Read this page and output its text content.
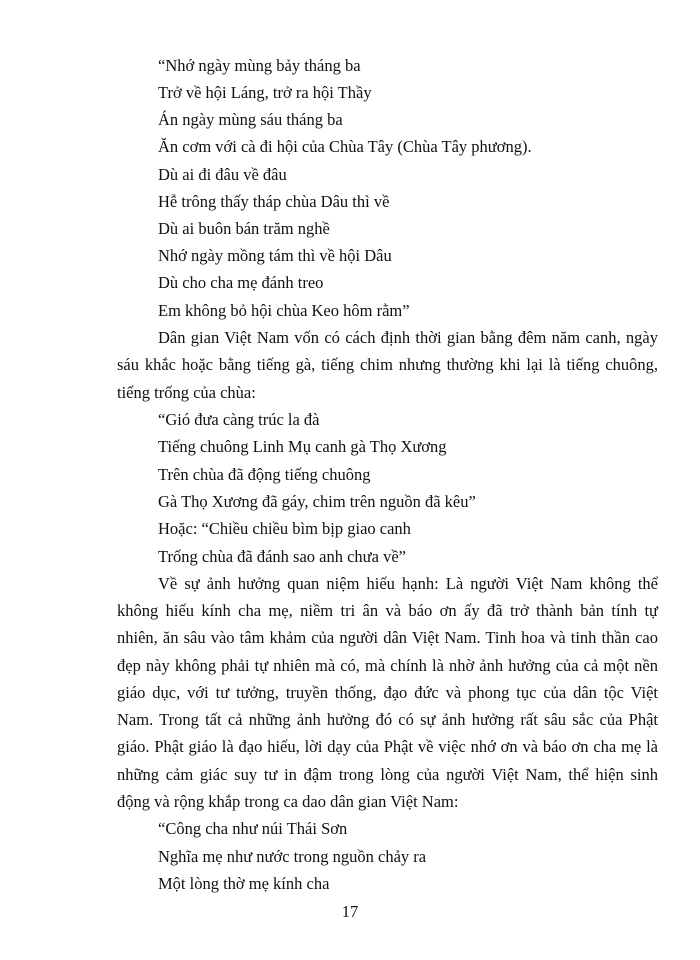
“Nhớ ngày mùng bảy tháng ba
Trở về hội Láng, trở ra hội Thầy
Án ngày mùng sáu tháng ba
Ăn cơm với cà đi hội của Chùa Tây (Chùa Tây phương).
Dù ai đi đâu về đâu
Hễ trông thấy tháp chùa Dâu thì về
Dù ai buôn bán trăm nghề
Nhớ ngày mồng tám thì về hội Dâu
Dù cho cha mẹ đánh treo
Em không bỏ hội chùa Keo hôm rằm”
Dân gian Việt Nam vốn có cách định thời gian bằng đêm năm canh, ngày
sáu khắc hoặc bằng tiếng gà, tiếng chim nhưng thường khi lại là tiếng chuông,
tiếng trống của chùa:
“Gió đưa càng trúc la đà
Tiếng chuông Linh Mụ canh gà Thọ Xương
Trên chùa đã động tiếng chuông
Gà Thọ Xương đã gáy, chim trên nguồn đã kêu”
Hoặc: “Chiều chiều bìm bịp giao canh
Trống chùa đã đánh sao anh chưa về”
Về sự ảnh hưởng quan niệm hiếu hạnh: Là người Việt Nam không thể
không hiếu kính cha mẹ, niềm tri ân và báo ơn ấy đã trở thành bản tính tự
nhiên, ăn sâu vào tâm khảm của người dân Việt Nam. Tinh hoa và tinh thần cao
đẹp này không phải tự nhiên mà có, mà chính là nhờ ảnh hưởng của cả một nền
giáo dục, với tư tưởng, truyền thống, đạo đức và phong tục của dân tộc Việt
Nam. Trong tất cả những ảnh hưởng đó có sự ảnh hưởng rất sâu sắc của Phật
giáo. Phật giáo là đạo hiếu, lời dạy của Phật về việc nhớ ơn và báo ơn cha mẹ là
những cảm giác suy tư in đậm trong lòng của người Việt Nam, thể hiện sinh
động và rộng khắp trong ca dao dân gian Việt Nam:
“Công cha như núi Thái Sơn
Nghĩa mẹ như nước trong nguồn chảy ra
Một lòng thờ mẹ kính cha
17
